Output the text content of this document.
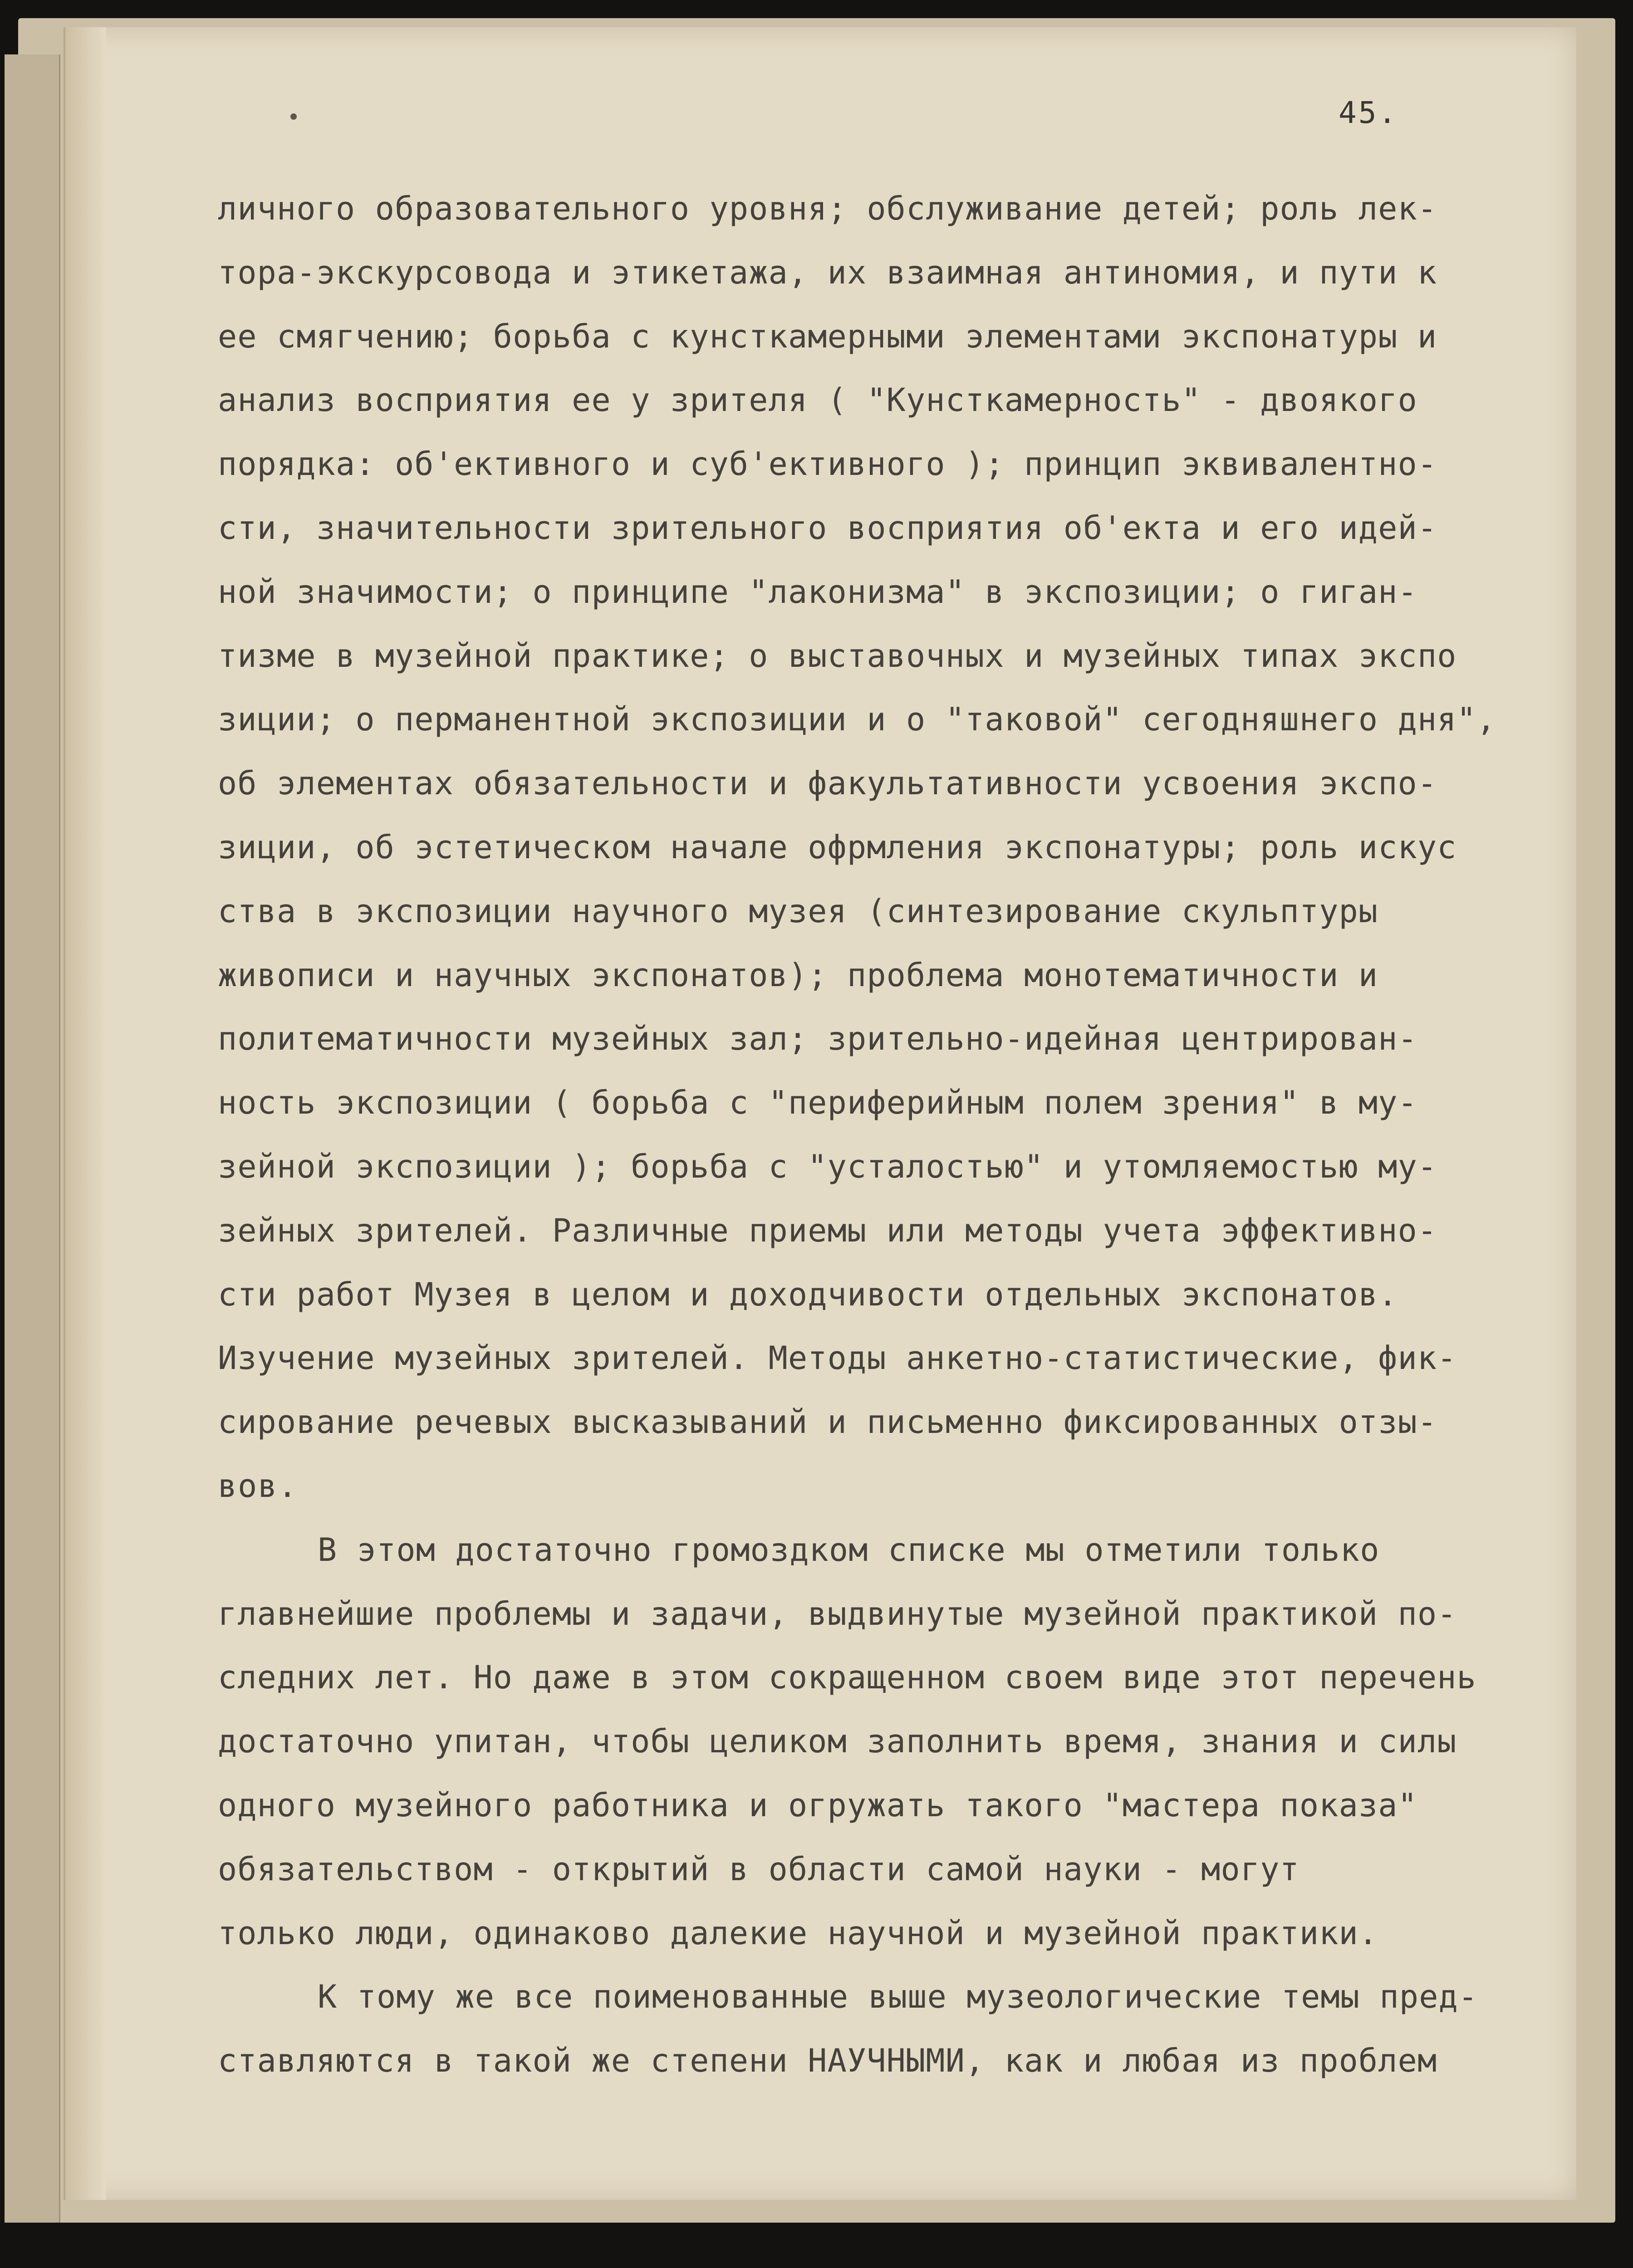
45.
личного образовательного уровня; обслуживание детей; роль лек-
тора-экскурсовода и этикетажа, их взаимная антиномия, и пути к
ее смягчению; борьба с кунсткамерными элементами экспонатуры и
анализ восприятия ее у зрителя ( "Кунсткамерность" - двоякого
порядка: об'ективного и суб'ективного ); принцип эквивалентно-
сти, значительности зрительного восприятия об'екта и его идей-
ной значимости; о принципе "лаконизма" в экспозиции; о гиган-
тизме в музейной практике; о выставочных и музейных типах экспо
зиции; о перманентной экспозиции и о "таковой" сегодняшнего дня",
об элементах обязательности и факультативности усвоения экспо-
зиции, об эстетическом начале офрмления экспонатуры; роль искус
ства в экспозиции научного музея (синтезирование скульптуры
живописи и научных экспонатов); проблема монотематичности и
политематичности музейных зал; зрительно-идейная центрирован-
ность экспозиции ( борьба с "периферийным полем зрения" в му-
зейной экспозиции ); борьба с "усталостью" и утомляемостью му-
зейных зрителей. Различные приемы или методы учета эффективно-
сти работ Музея в целом и доходчивости отдельных экспонатов.
Изучение музейных зрителей. Методы анкетно-статистические, фик-
сирование речевых высказываний и письменно фиксированных отзы-
вов.
В этом достаточно громоздком списке мы отметили только
главнейшие проблемы и задачи, выдвинутые музейной практикой по-
следних лет. Но даже в этом сокращенном своем виде этот перечень
достаточно упитан, чтобы целиком заполнить время, знания и силы
одного музейного работника и огружать такого "мастера показа"
обязательством - открытий в области самой науки - могут
только люди, одинаково далекие научной и музейной практики.
К тому же все поименованные выше музеологические темы пред-
ставляются в такой же степени НАУЧНЫМИ, как и любая из проблем
